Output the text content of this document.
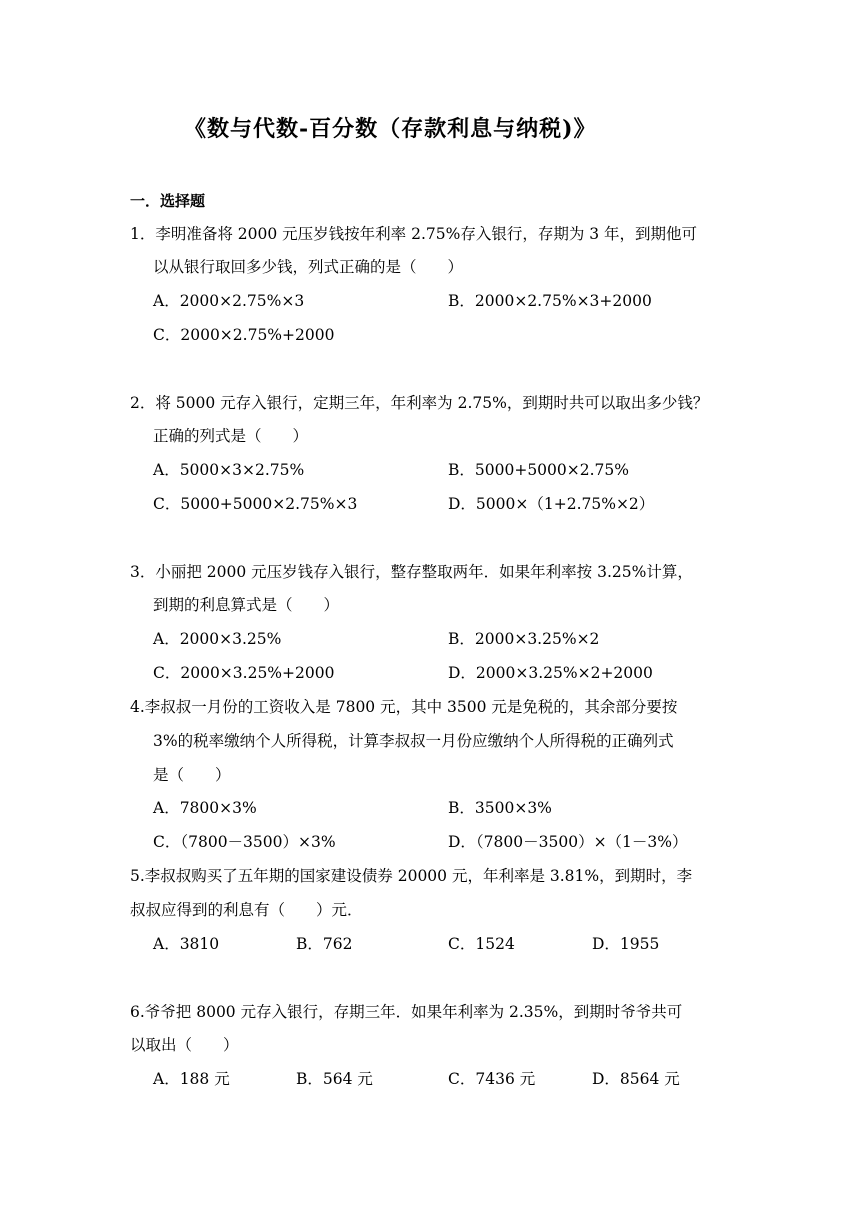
《数与代数-百分数（存款利息与纳税)》
一．选择题
1．李明准备将 2000 元压岁钱按年利率 2.75%存入银行，存期为 3 年，到期他可
以从银行取回多少钱，列式正确的是（　　）
A．2000×2.75%×3	B．2000×2.75%×3+2000
C．2000×2.75%+2000
2．将 5000 元存入银行，定期三年，年利率为 2.75%，到期时共可以取出多少钱？
正确的列式是（　　）
A．5000×3×2.75%	B．5000+5000×2.75%
C．5000+5000×2.75%×3	D．5000×（1+2.75%×2）
3．小丽把 2000 元压岁钱存入银行，整存整取两年．如果年利率按 3.25%计算，
到期的利息算式是（　　）
A．2000×3.25%	B．2000×3.25%×2
C．2000×3.25%+2000	D．2000×3.25%×2+2000
4.李叔叔一月份的工资收入是 7800 元，其中 3500 元是免税的，其余部分要按
3%的税率缴纳个人所得税，计算李叔叔一月份应缴纳个人所得税的正确列式
是（　　）
A．7800×3%	B．3500×3%
C．（7800－3500）×3%	D．（7800－3500）×（1－3%）
5.李叔叔购买了五年期的国家建设债券 20000 元，年利率是 3.81%，到期时，李
叔叔应得到的利息有（　　）元．
A．3810	B．762	C．1524	D．1955
6.爷爷把 8000 元存入银行，存期三年．如果年利率为 2.35%，到期时爷爷共可
以取出（　　）
A．188 元	B．564 元	C．7436 元	D．8564 元
